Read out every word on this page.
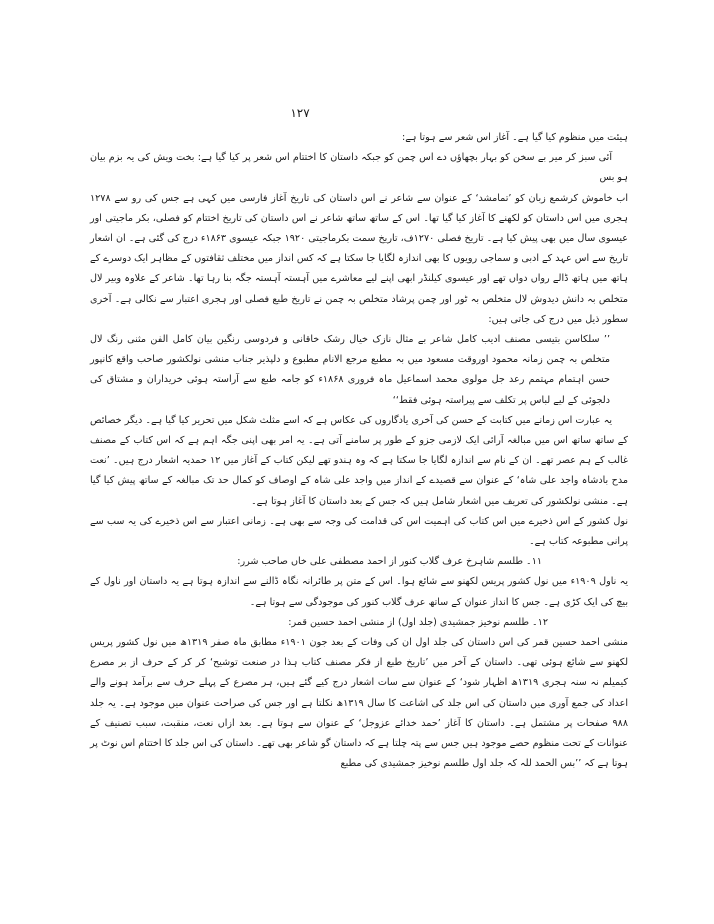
۱۲۷

ہیئت میں منظوم کیا گیا ہے۔ آغاز اس شعر سے ہوتا ہے:

آئی سبز کر میر بے سخن کو بہار بچھاؤں دے اس چمن کو جبکہ داستان کا اختتام اس شعر پر کیا گیا ہے: بخت ویش کی یہ بزم بیان ہو بس

اب خاموش کرشمع زبان کو ’تمامشد‘ کے عنوان سے شاعر نے اس داستان کی تاریخ آغاز فارسی میں کہی ہے جس کی رو سے ۱۲۷۸ ہجری میں اس داستان کو لکھنے کا آغاز کیا گیا تھا۔ اس کے ساتھ ساتھ شاعر نے اس داستان کی تاریخ اختتام کو فصلی، بکر ماجیتی اور عیسوی سال میں بھی پیش کیا ہے۔ تاریخ فصلی ۱۲۷۰ف، تاریخ سمت بکرماجیتی ۱۹۲۰ جبکہ عیسوی ۱۸۶۳ء درج کی گئی ہے۔ ان اشعار تاریخ سے اس عہد کے ادبی و سماجی رویوں کا بھی اندازہ لگایا جا سکتا ہے کہ کس انداز میں مختلف ثقافتوں کے مظاہر ایک دوسرے کے ہاتھ میں ہاتھ ڈالے رواں دواں تھے اور عیسوی کیلنڈر ابھی اپنے لیے معاشرے میں آہستہ آہستہ جگہ بنا رہا تھا۔ شاعر کے علاوہ وبیر لال متخلص بہ دانش دیدوش لال متخلص بہ ٹور اور چمن پرشاد متخلص بہ چمن نے تاریخ طبع فصلی اور ہجری اعتبار سے نکالی ہے۔ آخری سطور ذیل میں درج کی جاتی ہیں:

’’ سلکاسن بتیسی مصنف ادیب کامل شاعر بے مثال نازک خیال رشک خاقانی و فردوسی رنگین بیان کامل الفن مثنی رنگ لال متخلص بہ چمن زمانہ محمود اوروقت مسعود میں بہ مطبع مرجع الانام مطبوع و دلپذیر جناب منشی نولکشور صاحب واقع کانپور حسن اہتمام مہتمم رعد جل مولوی محمد اسماعیل ماہ فروری ۱۸۶۸ء کو جامہ طبع سے آراستہ ہوئی خریداران و مشتاق کی دلجوئی کے لیے لباس پر تکلف سے پیراستہ ہوئی فقط‘‘

یہ عبارت اس زمانے میں کتابت کے حسن کی آخری یادگاروں کی عکاس ہے کہ اسے مثلث شکل میں تحریر کیا گیا ہے۔ دیگر خصائص کے ساتھ ساتھ اس میں مبالغہ آرائی ایک لازمی جزو کے طور پر سامنے آتی ہے۔ یہ امر بھی اپنی جگہ اہم ہے کہ اس کتاب کے مصنف غالب کے ہم عصر تھے۔ ان کے نام سے اندازہ لگایا جا سکتا ہے کہ وہ ہندو تھے لیکن کتاب کے آغاز میں ۱۲ حمدیہ اشعار درج ہیں۔ ’نعت مدح بادشاہ واجد علی شاہ‘ کے عنوان سے قصیدے کے انداز میں واجد علی شاہ کے اوصاف کو کمال حد تک مبالغہ کے ساتھ پیش کیا گیا ہے۔ منشی نولکشور کی تعریف میں اشعار شامل ہیں کہ جس کے بعد داستان کا آغاز ہوتا ہے۔

نول کشور کے اس ذخیرے میں اس کتاب کی اہمیت اس کی قدامت کی وجہ سے بھی ہے۔ زمانی اعتبار سے اس ذخیرے کی یہ سب سے پرانی مطبوعہ کتاب ہے۔

۱۱۔ طلسم شاہرخ عرف گلاب کنور از احمد مصطفی علی خاں صاحب شرر:

یہ ناول ۱۹۰۹ء میں نول کشور پریس لکھنو سے شائع ہوا۔ اس کے متن پر طائرانہ نگاہ ڈالنے سے اندازہ ہوتا ہے یہ داستان اور ناول کے بیچ کی ایک کڑی ہے۔ جس کا انداز عنوان کے ساتھ عرف گلاب کنور کی موجودگی سے ہوتا ہے۔

۱۲۔ طلسم نوخیز جمشیدی (جلد اول) از منشی احمد حسین قمر:

منشی احمد حسین قمر کی اس داستان کی جلد اول ان کی وفات کے بعد جون ۱۹۰۱ء مطابق ماہ صفر ۱۳۱۹ھ میں نول کشور پریس لکھنو سے شائع ہوئی تھی۔ داستان کے آخر میں ’تاریخ طبع از فکر مصنف کتاب ہذا در صنعت توشیح‘ کر کر کے حرف از بر مصرع کیمیلم نہ سنہ ہجری ۱۳۱۹ھ اظہار شود‘ کے عنوان سے سات اشعار درج کیے گئے ہیں، ہر مصرع کے پہلے حرف سے برآمد ہونے والے اعداد کی جمع آوری میں داستان کی اس جلد کی اشاعت کا سال ۱۳۱۹ھ نکلتا ہے اور جس کی صراحت عنوان میں موجود ہے۔ یہ جلد ۹۸۸ صفحات پر مشتمل ہے۔ داستان کا آغاز ’حمد خدائے عزوجل‘ کے عنوان سے ہوتا ہے۔ بعد ازاں نعت، منقبت، سبب تصنیف کے عنوانات کے تحت منظوم حصے موجود ہیں جس سے پتہ چلتا ہے کہ داستان گو شاعر بھی تھے۔ داستان کی اس جلد کا اختتام اس نوٹ پر ہوتا ہے کہ ’’بس الحمد للہ کہ جلد اول طلسم نوخیز جمشیدی کی مطبع
